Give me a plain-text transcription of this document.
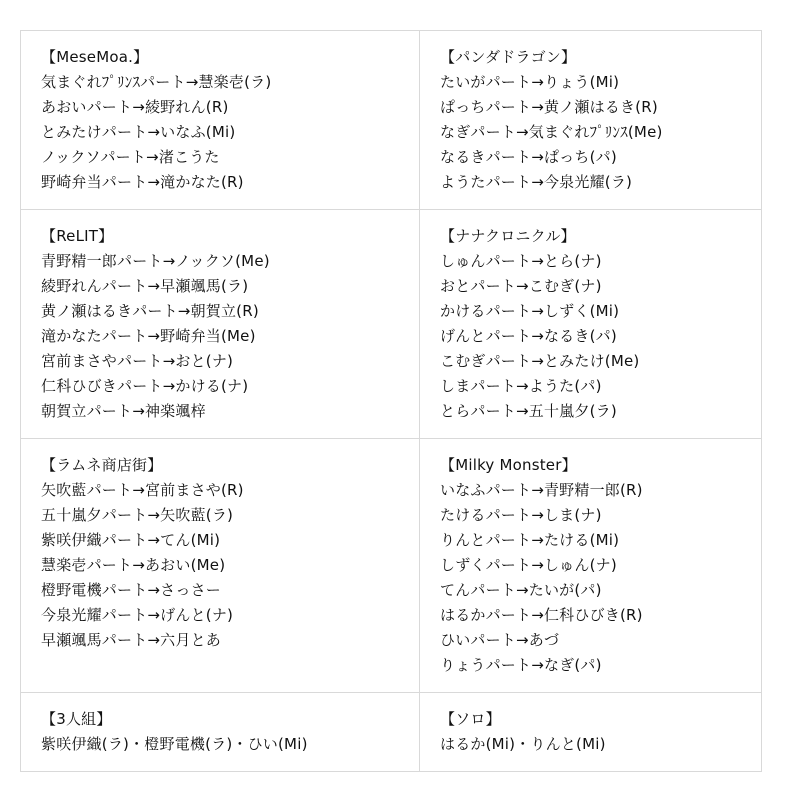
【MeseMoa.】
気まぐれﾌﾟﾘﾝｽパート→慧楽壱(ラ)
あおいパート→綾野れん(R)
とみたけパート→いなふ(Mi)
ノックソパート→渚こうた
野崎弁当パート→滝かなた(R)
【パンダドラゴン】
たいがパート→りょう(Mi)
ぱっちパート→黄ノ瀬はるき(R)
なぎパート→気まぐれﾌﾟﾘﾝｽ(Me)
なるきパート→ぱっち(パ)
ようたパート→今泉光耀(ラ)
【ReLIT】
青野精一郎パート→ノックソ(Me)
綾野れんパート→早瀬颯馬(ラ)
黄ノ瀬はるきパート→朝賀立(R)
滝かなたパート→野崎弁当(Me)
宮前まさやパート→おと(ナ)
仁科ひびきパート→かける(ナ)
朝賀立パート→神楽颯梓
【ナナクロニクル】
しゅんパート→とら(ナ)
おとパート→こむぎ(ナ)
かけるパート→しずく(Mi)
げんとパート→なるき(パ)
こむぎパート→とみたけ(Me)
しまパート→ようた(パ)
とらパート→五十嵐夕(ラ)
【ラムネ商店街】
矢吹藍パート→宮前まさや(R)
五十嵐夕パート→矢吹藍(ラ)
紫咲伊織パート→てん(Mi)
慧楽壱パート→あおい(Me)
橙野電機パート→さっさー
今泉光耀パート→げんと(ナ)
早瀬颯馬パート→六月とあ
【Milky Monster】
いなふパート→青野精一郎(R)
たけるパート→しま(ナ)
りんとパート→たける(Mi)
しずくパート→しゅん(ナ)
てんパート→たいが(パ)
はるかパート→仁科ひびき(R)
ひいパート→あづ
りょうパート→なぎ(パ)
【3人組】
紫咲伊織(ラ)・橙野電機(ラ)・ひい(Mi)
【ソロ】
はるか(Mi)・りんと(Mi)
